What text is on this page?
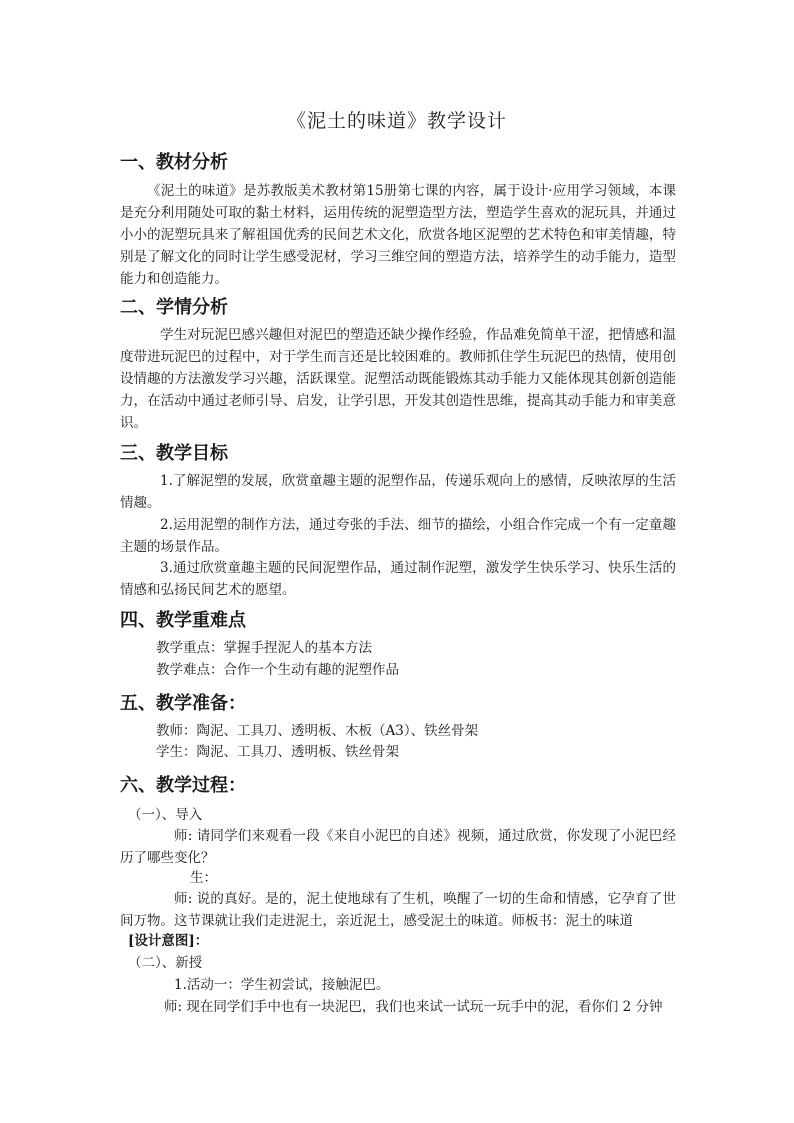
《泥土的味道》教学设计
一、教材分析
《泥土的味道》是苏教版美术教材第15册第七课的内容，属于设计·应用学习领域，本课是充分利用随处可取的黏土材料，运用传统的泥塑造型方法，塑造学生喜欢的泥玩具，并通过小小的泥塑玩具来了解祖国优秀的民间艺术文化，欣赏各地区泥塑的艺术特色和审美情趣，特别是了解文化的同时让学生感受泥材，学习三维空间的塑造方法，培养学生的动手能力，造型能力和创造能力。
二、学情分析
学生对玩泥巴感兴趣但对泥巴的塑造还缺少操作经验，作品难免简单干涩，把情感和温度带进玩泥巴的过程中，对于学生而言还是比较困难的。教师抓住学生玩泥巴的热情，使用创设情趣的方法激发学习兴趣，活跃课堂。泥塑活动既能锻炼其动手能力又能体现其创新创造能力，在活动中通过老师引导、启发，让学引思，开发其创造性思维，提高其动手能力和审美意识。
三、教学目标
1.了解泥塑的发展，欣赏童趣主题的泥塑作品，传递乐观向上的感情，反映浓厚的生活情趣。
2.运用泥塑的制作方法，通过夸张的手法、细节的描绘，小组合作完成一个有一定童趣主题的场景作品。
3.通过欣赏童趣主题的民间泥塑作品，通过制作泥塑，激发学生快乐学习、快乐生活的情感和弘扬民间艺术的愿望。
四、教学重难点
教学重点：掌握手捏泥人的基本方法
教学难点：合作一个生动有趣的泥塑作品
五、教学准备：
教师：陶泥、工具刀、透明板、木板（A3）、铁丝骨架
学生：陶泥、工具刀、透明板、铁丝骨架
六、教学过程：
（一）、导入
师: 请同学们来观看一段《来自小泥巴的自述》视频，通过欣赏，你发现了小泥巴经历了哪些变化？
生：
师: 说的真好。是的，泥土使地球有了生机，唤醒了一切的生命和情感，它孕育了世间万物。这节课就让我们走进泥土，亲近泥土，感受泥土的味道。师板书：泥土的味道
[设计意图]：
（二）、新授
1.活动一：学生初尝试，接触泥巴。
师: 现在同学们手中也有一块泥巴，我们也来试一试玩一玩手中的泥，看你们 2 分钟
